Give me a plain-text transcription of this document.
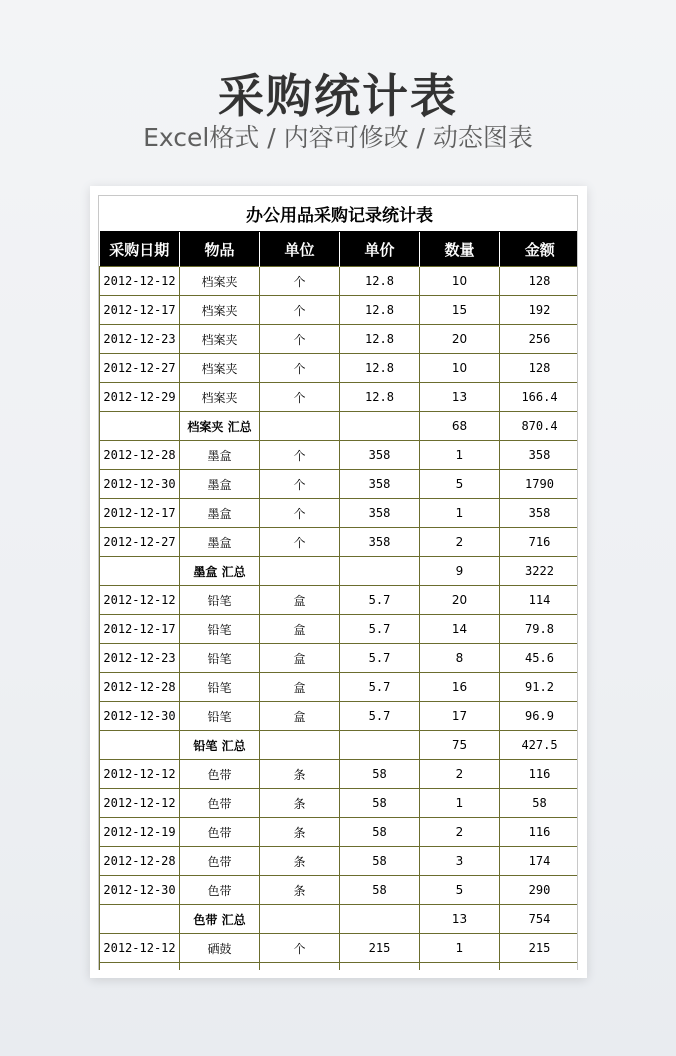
采购统计表
Excel格式 / 内容可修改 / 动态图表
办公用品采购记录统计表					
采购日期	物品	单位	单价	数量	金额
2012-12-12	档案夹	个	12.8	10	128
2012-12-17	档案夹	个	12.8	15	192
2012-12-23	档案夹	个	12.8	20	256
2012-12-27	档案夹	个	12.8	10	128
2012-12-29	档案夹	个	12.8	13	166.4
	档案夹 汇总			68	870.4
2012-12-28	墨盒	个	358	1	358
2012-12-30	墨盒	个	358	5	1790
2012-12-17	墨盒	个	358	1	358
2012-12-27	墨盒	个	358	2	716
	墨盒 汇总			9	3222
2012-12-12	铅笔	盒	5.7	20	114
2012-12-17	铅笔	盒	5.7	14	79.8
2012-12-23	铅笔	盒	5.7	8	45.6
2012-12-28	铅笔	盒	5.7	16	91.2
2012-12-30	铅笔	盒	5.7	17	96.9
	铅笔 汇总			75	427.5
2012-12-12	色带	条	58	2	116
2012-12-12	色带	条	58	1	58
2012-12-19	色带	条	58	2	116
2012-12-28	色带	条	58	3	174
2012-12-30	色带	条	58	5	290
	色带 汇总			13	754
2012-12-12	硒鼓	个	215	1	215
